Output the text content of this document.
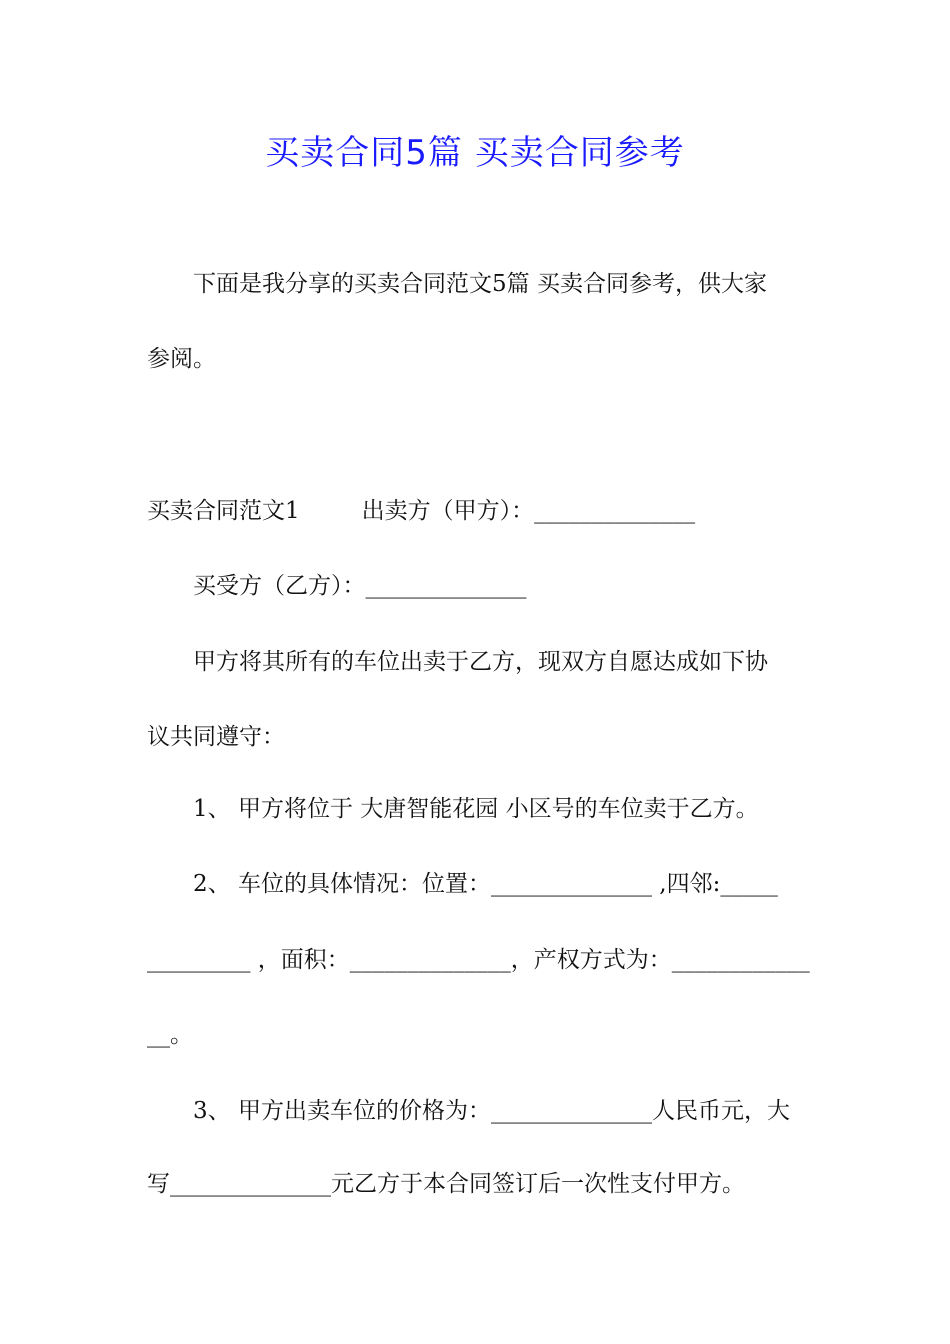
买卖合同5篇 买卖合同参考

下面是我分享的买卖合同范文5篇 买卖合同参考，供大家

参阅。

买卖合同范文1	出卖方（甲方）：______________

买受方（乙方）：______________

甲方将其所有的车位出卖于乙方，现双方自愿达成如下协

议共同遵守：

1、 甲方将位于 大唐智能花园 小区号的车位卖于乙方。

2、 车位的具体情况：位置：______________ ,四邻:_____

_________ ，面积：______________，产权方式为：____________

__。

3、 甲方出卖车位的价格为：______________人民币元，大

写______________元乙方于本合同签订后一次性支付甲方。
